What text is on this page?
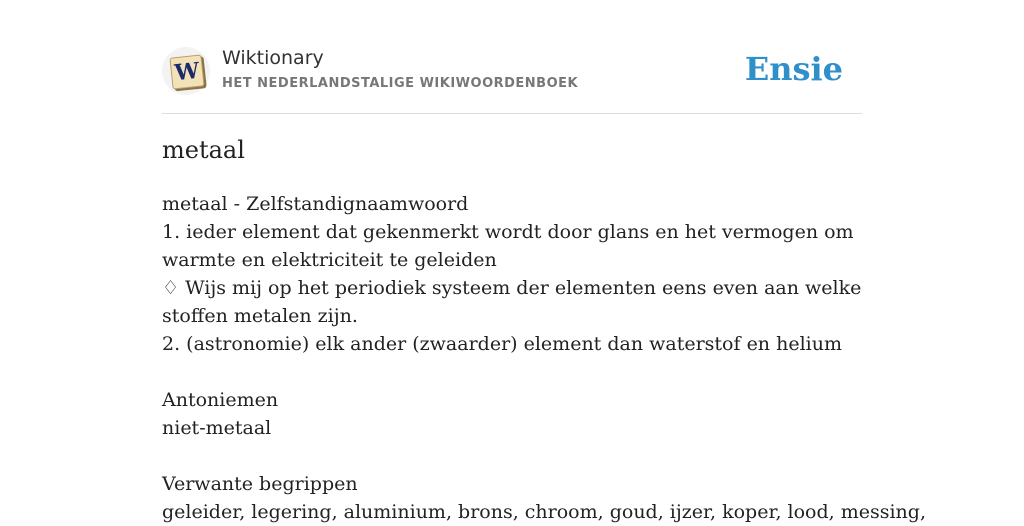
W Wiktionary
HET NEDERLANDSTALIGE WIKIWOORDENBOEK	Ensie
metaal

metaal - Zelfstandignaamwoord

1. ieder element dat gekenmerkt wordt door glans en het vermogen om warmte en elektriciteit te geleiden

♢ Wijs mij op het periodiek systeem der elementen eens even aan welke stoffen metalen zijn.

2. (astronomie) elk ander (zwaarder) element dan waterstof en helium

Antoniemen

niet-metaal

Verwante begrippen

geleider, legering, aluminium, brons, chroom, goud, ijzer, koper, lood, messing,
